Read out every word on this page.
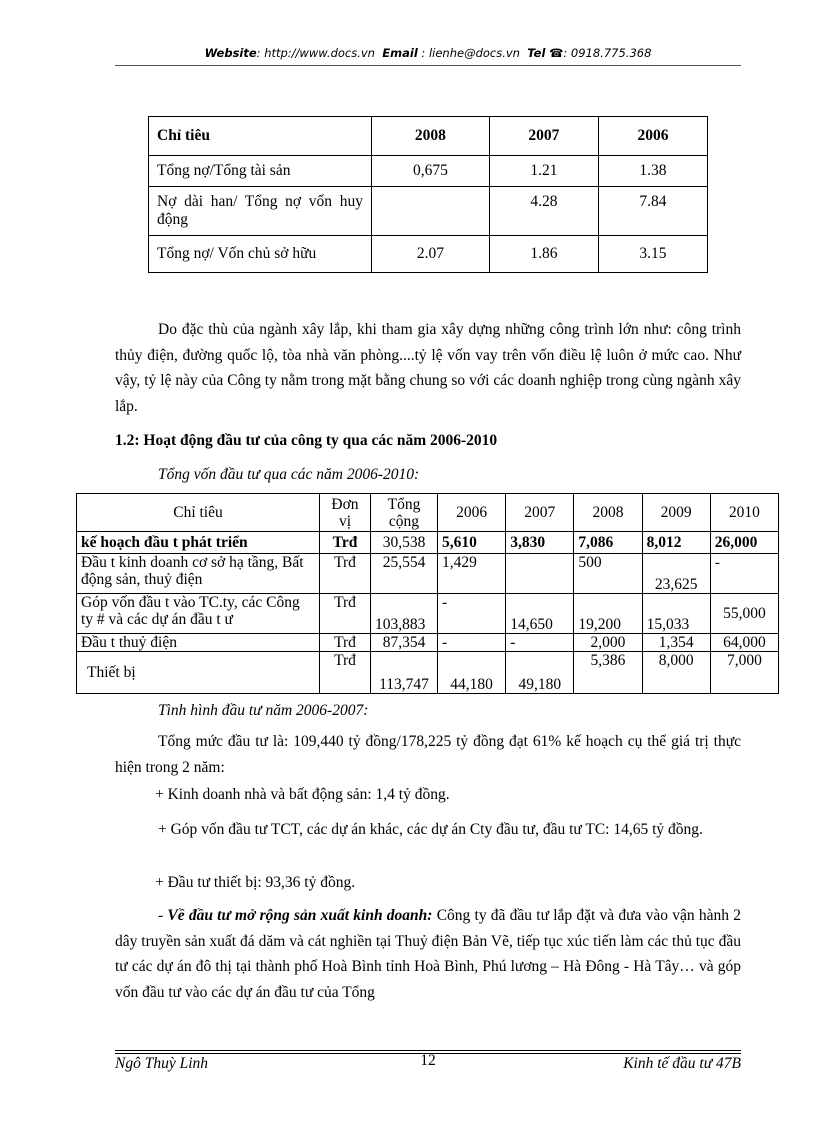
Website: http://www.docs.vn Email : lienhe@docs.vn Tel ☎: 0918.775.368
Chỉ tiêu	2008	2007	2006
Tổng nợ/Tổng tài sản	0,675	1.21	1.38
Nợ dài han/ Tổng nợ vốn huy động		4.28	7.84
Tổng nợ/ Vốn chủ sở hữu	2.07	1.86	3.15
Do đặc thù của ngành xây lắp, khi tham gia xây dựng những công trình lớn như: công trình thủy điện, đường quốc lộ, tòa nhà văn phòng....tỷ lệ vốn vay trên vốn điều lệ luôn ở mức cao. Như vậy, tỷ lệ này của Công ty nằm trong mặt bằng chung so với các doanh nghiệp trong cùng ngành xây lắp.
1.2: Hoạt động đầu tư của công ty qua các năm 2006-2010
Tổng vốn đầu tư qua các năm 2006-2010:
Chỉ tiêu	Đơn vị	Tổng cộng	2006	2007	2008	2009	2010
kế hoạch đầu t phát triển	Trđ	30,538	5,610	3,830	7,086	8,012	26,000
Đầu t kinh doanh cơ sở hạ tầng, Bất động sản, thuỷ điện	Trđ	25,554	1,429		500	23,625	-
Góp vốn đầu t vào TC.ty, các Công ty # và các dự án đầu t ư	Trđ	103,883	-	14,650	19,200	15,033	55,000
Đầu t thuỷ điện	Trđ	87,354	-	-	2,000	1,354	64,000
Thiết bị	Trđ	113,747	44,180	49,180	5,386	8,000	7,000
Tình hình đầu tư năm 2006-2007:
Tổng mức đầu tư là: 109,440 tỷ đồng/178,225 tỷ đồng đạt 61% kế hoạch cụ thể giá trị thực hiện trong 2 năm:
+ Kinh doanh nhà và bất động sản: 1,4 tỷ đồng.
+ Góp vốn đầu tư TCT, các dự án khác, các dự án Cty đầu tư, đầu tư TC: 14,65 tỷ đồng.
+ Đầu tư thiết bị: 93,36 tỷ đồng.
- Về đầu tư mở rộng sản xuất kinh doanh: Công ty đã đầu tư lắp đặt và đưa vào vận hành 2 dây truyền sản xuất đá dăm và cát nghiền tại Thuỷ điện Bản Vẽ, tiếp tục xúc tiến làm các thủ tục đầu tư các dự án đô thị tại thành phố Hoà Bình tỉnh Hoà Bình, Phú lương – Hà Đông - Hà Tây… và góp vốn đầu tư vào các dự án đầu tư của Tổng
Ngô Thuỳ Linh	12	Kinh tế đầu tư 47B
